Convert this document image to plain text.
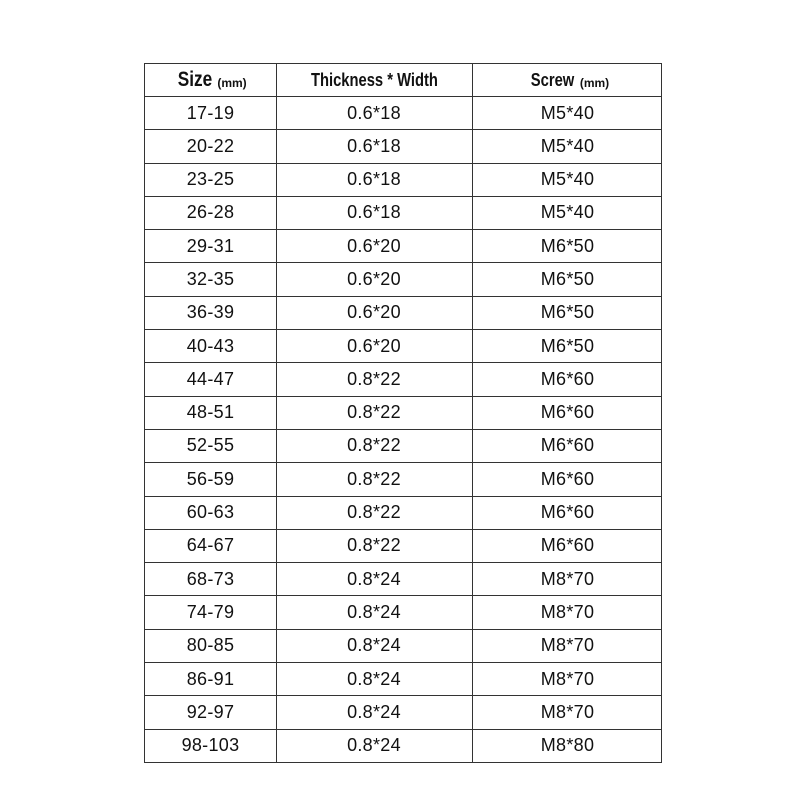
Size (mm)	Thickness * Width	Screw (mm)
17-19	0.6*18	M5*40
20-22	0.6*18	M5*40
23-25	0.6*18	M5*40
26-28	0.6*18	M5*40
29-31	0.6*20	M6*50
32-35	0.6*20	M6*50
36-39	0.6*20	M6*50
40-43	0.6*20	M6*50
44-47	0.8*22	M6*60
48-51	0.8*22	M6*60
52-55	0.8*22	M6*60
56-59	0.8*22	M6*60
60-63	0.8*22	M6*60
64-67	0.8*22	M6*60
68-73	0.8*24	M8*70
74-79	0.8*24	M8*70
80-85	0.8*24	M8*70
86-91	0.8*24	M8*70
92-97	0.8*24	M8*70
98-103	0.8*24	M8*80
